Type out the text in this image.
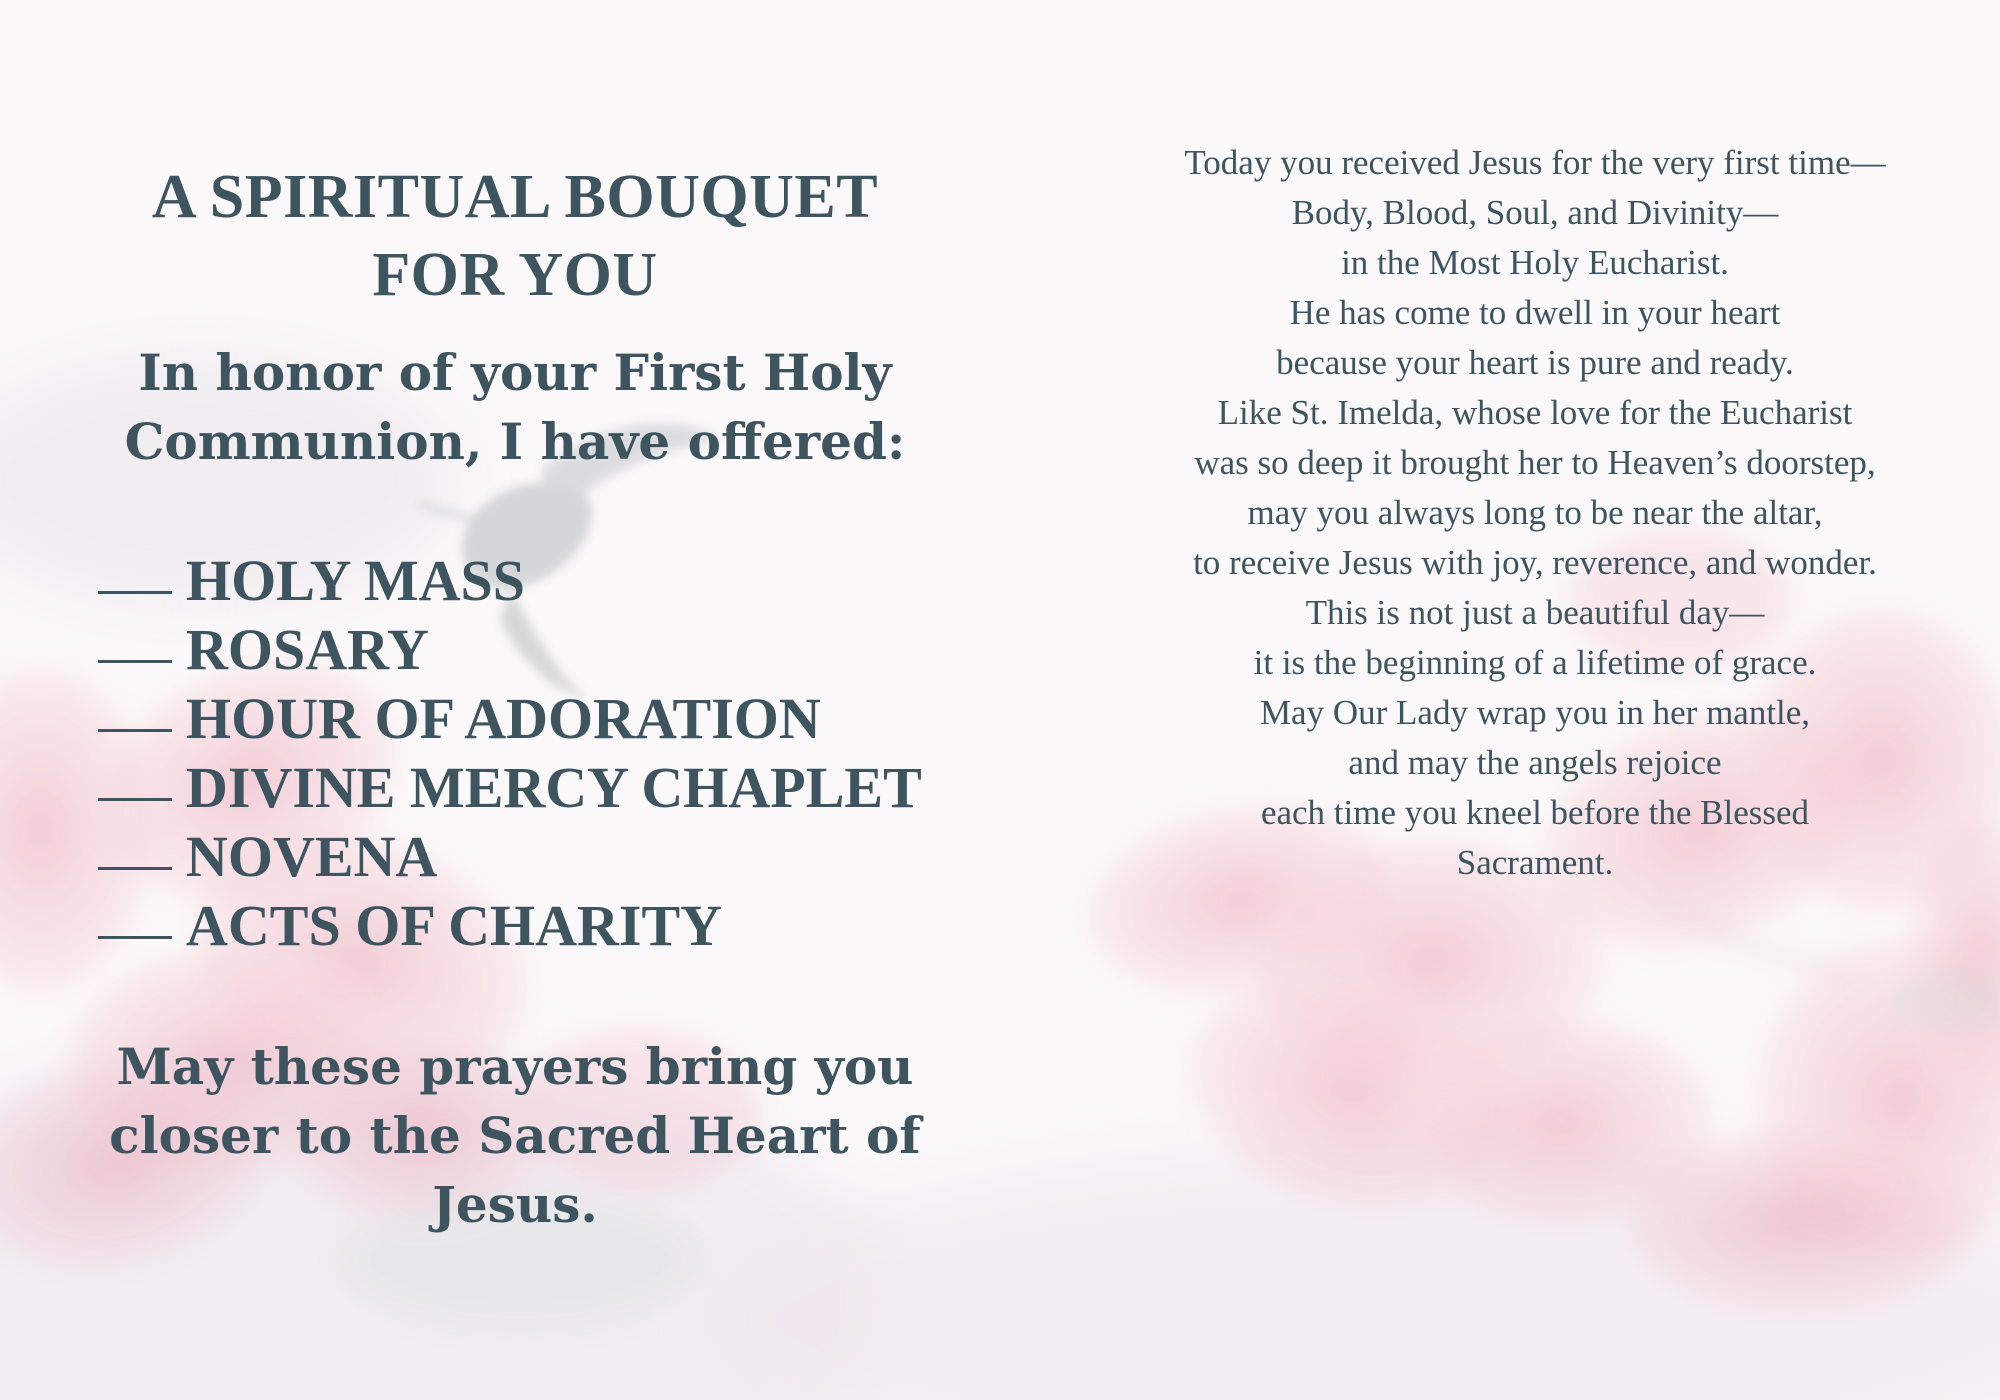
A SPIRITUAL BOUQUET
FOR YOU

In honor of your First Holy
Communion, I have offered:

HOLY MASS
ROSARY
HOUR OF ADORATION
DIVINE MERCY CHAPLET
NOVENA
ACTS OF CHARITY

May these prayers bring you
closer to the Sacred Heart of
Jesus.

Today you received Jesus for the very first time—
Body, Blood, Soul, and Divinity—
in the Most Holy Eucharist.
He has come to dwell in your heart
because your heart is pure and ready.
Like St. Imelda, whose love for the Eucharist
was so deep it brought her to Heaven’s doorstep,
may you always long to be near the altar,
to receive Jesus with joy, reverence, and wonder.
This is not just a beautiful day—
it is the beginning of a lifetime of grace.
May Our Lady wrap you in her mantle,
and may the angels rejoice
each time you kneel before the Blessed
Sacrament.
